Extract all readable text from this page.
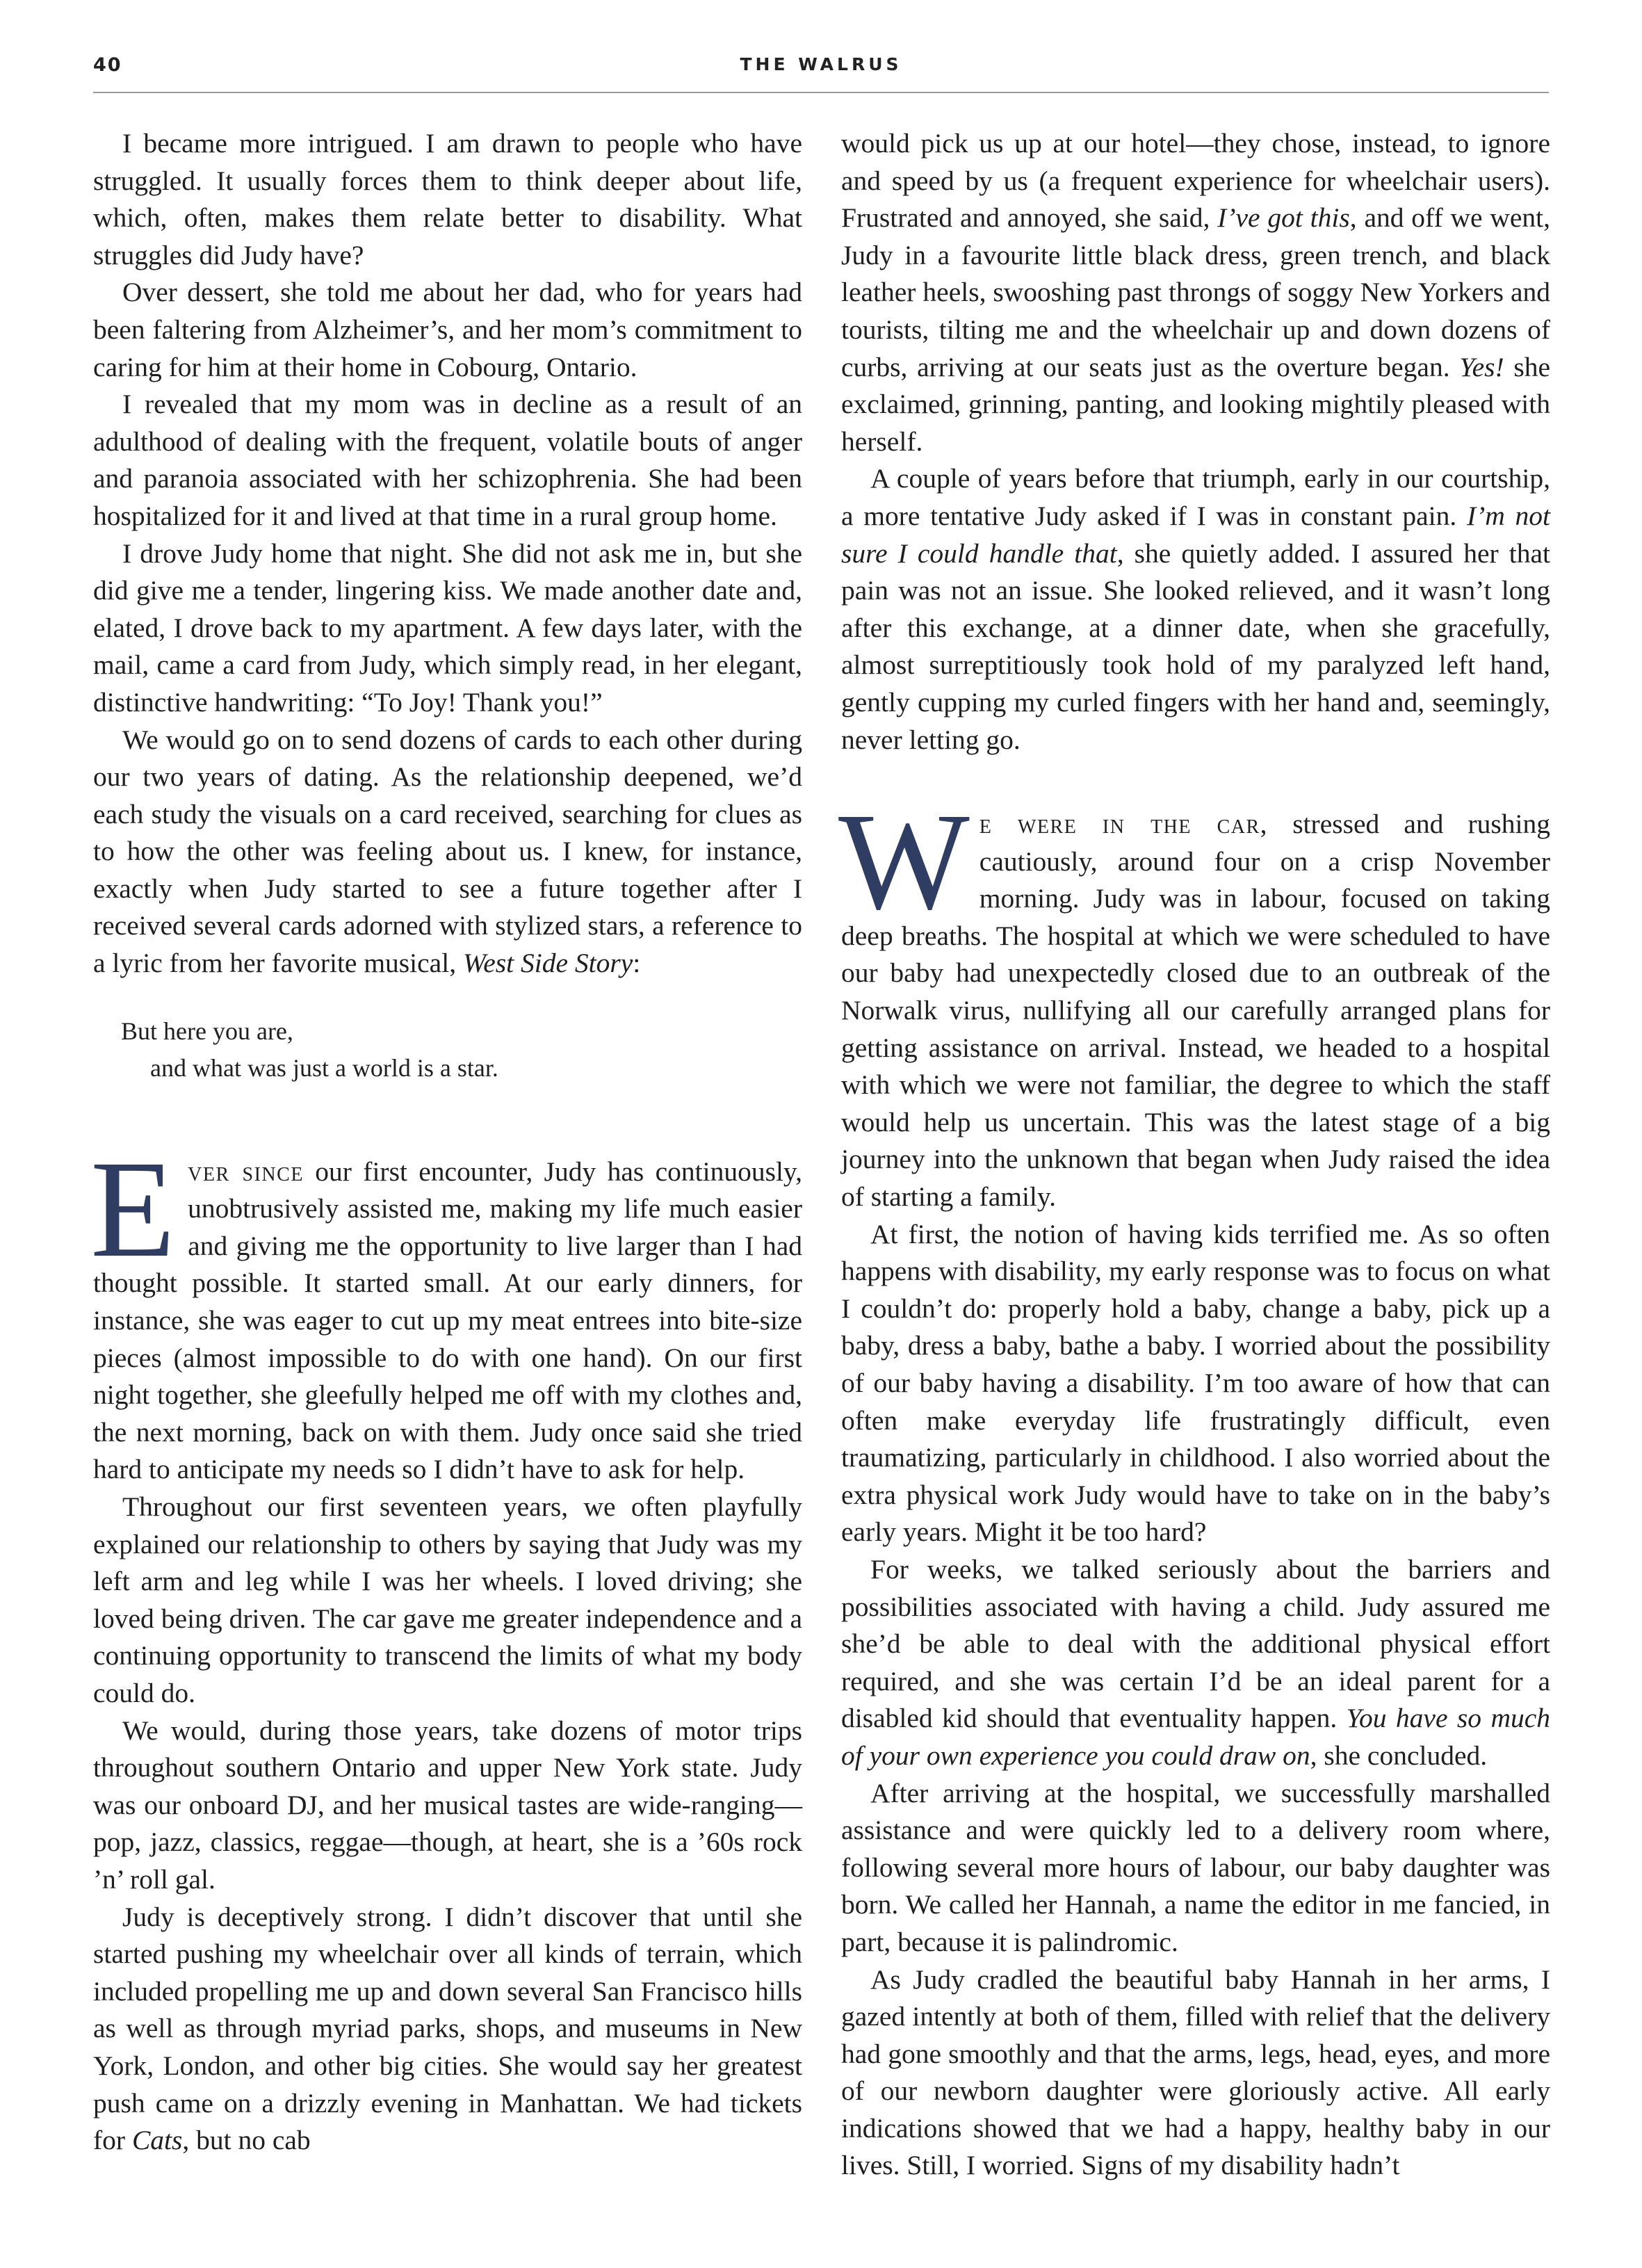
40	THE WALRUS

I became more intrigued. I am drawn to people who have struggled. It usually forces them to think deeper about life, which, often, makes them relate better to disability. What struggles did Judy have?

Over dessert, she told me about her dad, who for years had been faltering from Alzheimer’s, and her mom’s commitment to caring for him at their home in Cobourg, Ontario.

I revealed that my mom was in decline as a result of an adulthood of dealing with the frequent, volatile bouts of anger and paranoia associated with her schizophrenia. She had been hospitalized for it and lived at that time in a rural group home.

I drove Judy home that night. She did not ask me in, but she did give me a tender, lingering kiss. We made another date and, elated, I drove back to my apartment. A few days later, with the mail, came a card from Judy, which simply read, in her elegant, distinctive handwriting: “To Joy! Thank you!”

We would go on to send dozens of cards to each other during our two years of dating. As the relationship deepened, we’d each study the visuals on a card received, searching for clues as to how the other was feeling about us. I knew, for instance, exactly when Judy started to see a future together after I received several cards adorned with stylized stars, a reference to a lyric from her favorite musical, West Side Story:

But here you are,
and what was just a world is a star.

Ever since our first encounter, Judy has continuously, unobtrusively assisted me, making my life much easier and giving me the opportunity to live larger than I had thought possible. It started small. At our early dinners, for instance, she was eager to cut up my meat entrees into bite-size pieces (almost impossible to do with one hand). On our first night together, she gleefully helped me off with my clothes and, the next morning, back on with them. Judy once said she tried hard to anticipate my needs so I didn’t have to ask for help.

Throughout our first seventeen years, we often playfully explained our relationship to others by saying that Judy was my left arm and leg while I was her wheels. I loved driving; she loved being driven. The car gave me greater independence and a continuing opportunity to transcend the limits of what my body could do.

We would, during those years, take dozens of motor trips throughout southern Ontario and upper New York state. Judy was our onboard DJ, and her musical tastes are wide-ranging—pop, jazz, classics, reggae—though, at heart, she is a ’60s rock ’n’ roll gal.

Judy is deceptively strong. I didn’t discover that until she started pushing my wheelchair over all kinds of terrain, which included propelling me up and down several San Francisco hills as well as through myriad parks, shops, and museums in New York, London, and other big cities. She would say her greatest push came on a drizzly evening in Manhattan. We had tickets for Cats, but no cab

would pick us up at our hotel—they chose, instead, to ignore and speed by us (a frequent experience for wheelchair users). Frustrated and annoyed, she said, I’ve got this, and off we went, Judy in a favourite little black dress, green trench, and black leather heels, swooshing past throngs of soggy New Yorkers and tourists, tilting me and the wheelchair up and down dozens of curbs, arriving at our seats just as the overture began. Yes! she exclaimed, grinning, panting, and looking mightily pleased with herself.

A couple of years before that triumph, early in our courtship, a more tentative Judy asked if I was in constant pain. I’m not sure I could handle that, she quietly added. I assured her that pain was not an issue. She looked relieved, and it wasn’t long after this exchange, at a dinner date, when she gracefully, almost surreptitiously took hold of my paralyzed left hand, gently cupping my curled fingers with her hand and, seemingly, never letting go.

We were in the car, stressed and rushing cautiously, around four on a crisp November morning. Judy was in labour, focused on taking deep breaths. The hospital at which we were scheduled to have our baby had unexpectedly closed due to an outbreak of the Norwalk virus, nullifying all our carefully arranged plans for getting assistance on arrival. Instead, we headed to a hospital with which we were not familiar, the degree to which the staff would help us uncertain. This was the latest stage of a big journey into the unknown that began when Judy raised the idea of starting a family.

At first, the notion of having kids terrified me. As so often happens with disability, my early response was to focus on what I couldn’t do: properly hold a baby, change a baby, pick up a baby, dress a baby, bathe a baby. I worried about the possibility of our baby having a disability. I’m too aware of how that can often make everyday life frustratingly difficult, even traumatizing, particularly in childhood. I also worried about the extra physical work Judy would have to take on in the baby’s early years. Might it be too hard?

For weeks, we talked seriously about the barriers and possibilities associated with having a child. Judy assured me she’d be able to deal with the additional physical effort required, and she was certain I’d be an ideal parent for a disabled kid should that eventuality happen. You have so much of your own experience you could draw on, she concluded.

After arriving at the hospital, we successfully marshalled assistance and were quickly led to a delivery room where, following several more hours of labour, our baby daughter was born. We called her Hannah, a name the editor in me fancied, in part, because it is palindromic.

As Judy cradled the beautiful baby Hannah in her arms, I gazed intently at both of them, filled with relief that the delivery had gone smoothly and that the arms, legs, head, eyes, and more of our newborn daughter were gloriously active. All early indications showed that we had a happy, healthy baby in our lives. Still, I worried. Signs of my disability hadn’t
